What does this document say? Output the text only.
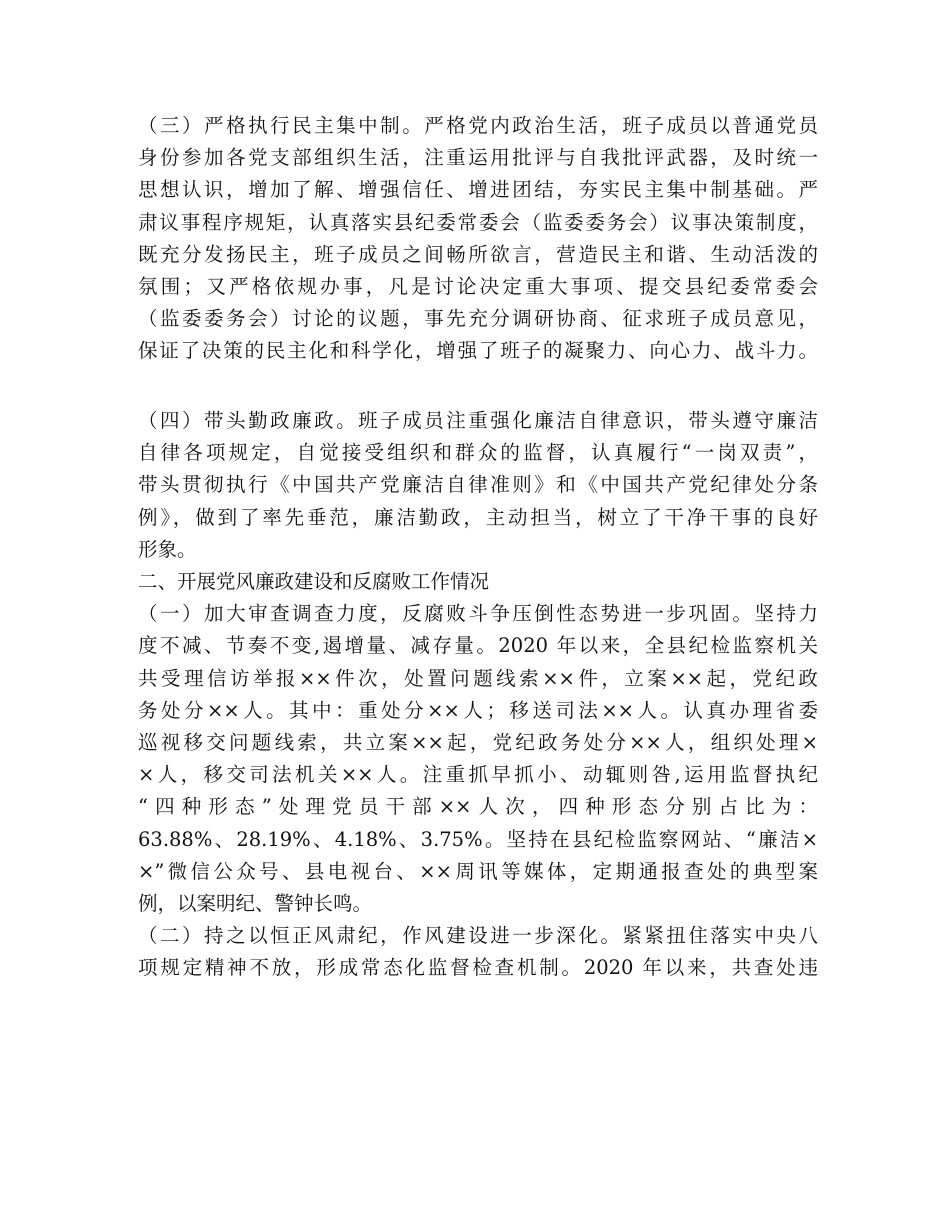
（三）严格执行民主集中制。严格党内政治生活，班子成员以普通党员
身份参加各党支部组织生活，注重运用批评与自我批评武器，及时统一
思想认识，增加了解、增强信任、增进团结，夯实民主集中制基础。严
肃议事程序规矩，认真落实县纪委常委会（监委委务会）议事决策制度，
既充分发扬民主，班子成员之间畅所欲言，营造民主和谐、生动活泼的
氛围；又严格依规办事，凡是讨论决定重大事项、提交县纪委常委会
（监委委务会）讨论的议题，事先充分调研协商、征求班子成员意见，
保证了决策的民主化和科学化，增强了班子的凝聚力、向心力、战斗力。
（四）带头勤政廉政。班子成员注重强化廉洁自律意识，带头遵守廉洁
自律各项规定，自觉接受组织和群众的监督，认真履行“一岗双责”，
带头贯彻执行《中国共产党廉洁自律准则》和《中国共产党纪律处分条
例》，做到了率先垂范，廉洁勤政，主动担当，树立了干净干事的良好
形象。
二、开展党风廉政建设和反腐败工作情况
（一）加大审查调查力度，反腐败斗争压倒性态势进一步巩固。坚持力
度不减、节奏不变,遏增量、减存量。2020 年以来，全县纪检监察机关
共受理信访举报××件次，处置问题线索××件，立案××起，党纪政
务处分××人。其中：重处分××人；移送司法××人。认真办理省委
巡视移交问题线索，共立案××起，党纪政务处分××人，组织处理×
×人，移交司法机关××人。注重抓早抓小、动辄则咎,运用监督执纪
“四种形态”处理党员干部××人次，四种形态分别占比为：
63.88%、28.19%、4.18%、3.75%。坚持在县纪检监察网站、“廉洁×
×”微信公众号、县电视台、××周讯等媒体，定期通报查处的典型案
例，以案明纪、警钟长鸣。
（二）持之以恒正风肃纪，作风建设进一步深化。紧紧扭住落实中央八
项规定精神不放，形成常态化监督检查机制。2020 年以来，共查处违
